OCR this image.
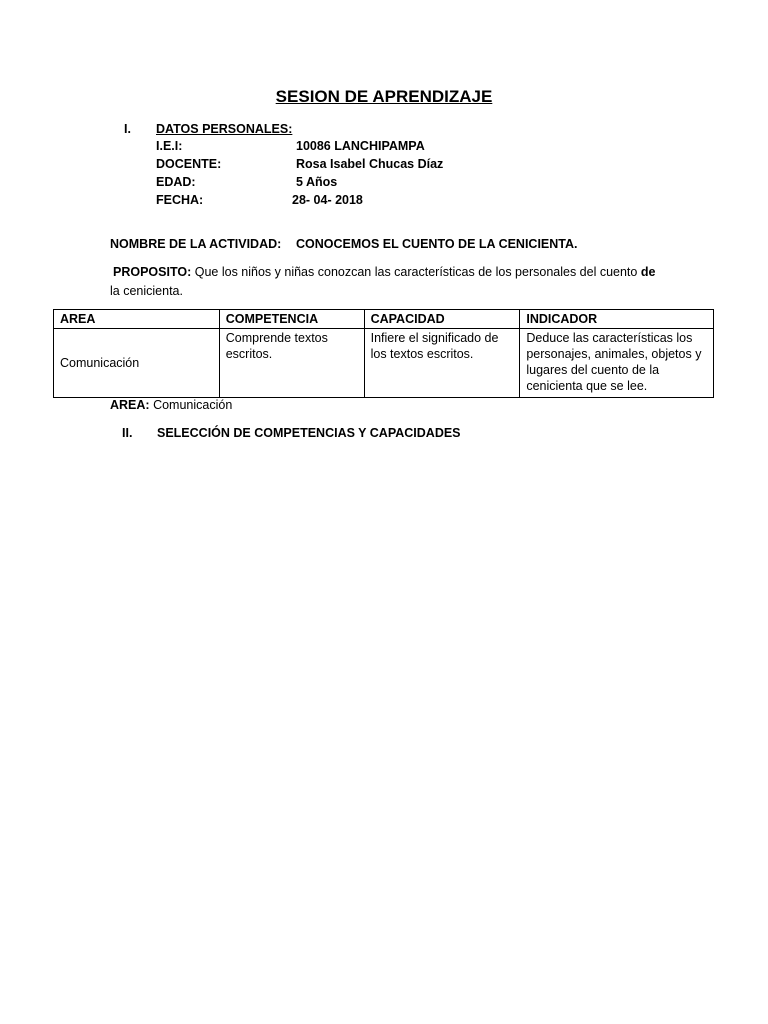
SESION DE APRENDIZAJE
I. DATOS PERSONALES:
I.E.I:	10086 LANCHIPAMPA
DOCENTE:	Rosa Isabel Chucas Díaz
EDAD:	5 Años
FECHA:	28- 04- 2018
NOMBRE DE LA ACTIVIDAD: CONOCEMOS EL CUENTO DE LA CENICIENTA.
PROPOSITO: Que los niños y niñas conozcan las características de los personales del cuento de
la cenicienta.
AREA	COMPETENCIA	CAPACIDAD	INDICADOR
Comunicación	Comprende textos escritos.	Infiere el significado de los textos escritos.	Deduce las características los personajes, animales, objetos y lugares del cuento de la cenicienta que se lee.
AREA: Comunicación
II. SELECCIÓN DE COMPETENCIAS Y CAPACIDADES
